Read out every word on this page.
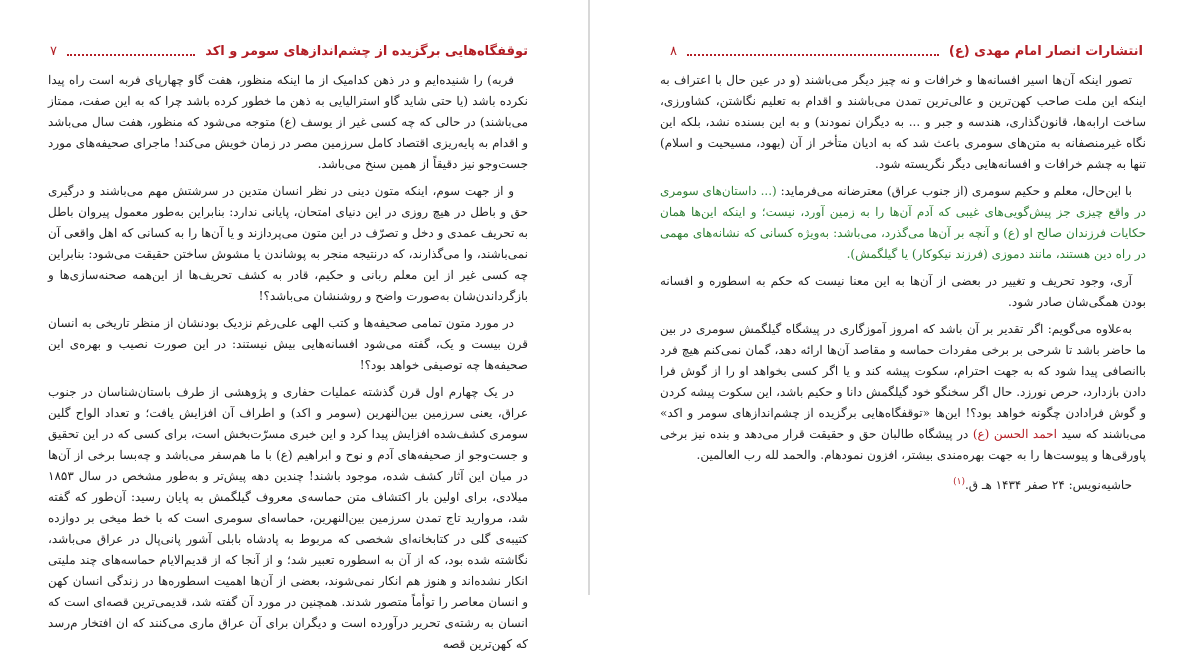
توقفگاه‌هایی برگزیده از چشم‌اندازهای سومر و اکد
۷

فربه) را شنیده‌ایم و در ذهن کدامیک از ما اینکه منظور، هفت گاو چهارپای فربه است راه پیدا نکرده باشد (یا حتی شاید گاو استرالیایی به ذهن ما خطور کرده باشد چرا که به این صفت، ممتاز می‌باشند) در حالی که چه کسی غیر از یوسف (ع) متوجه می‌شود که منظور، هفت سال می‌باشد و اقدام به پایه‌ریزی اقتصاد کامل سرزمین مصر در زمان خویش می‌کند! ماجرای صحیفه‌های مورد جست‌وجو نیز دقیقاً از همین سنخ می‌باشد.

و از جهت سوم، اینکه متون دینی در نظر انسان متدین در سرشتش مهم می‌باشند و درگیری حق و باطل در هیچ روزی در این دنیای امتحان، پایانی ندارد: بنابراین به‌طور معمول پیروان باطل به تحریف عمدی و دخل و تصرّف در این متون می‌پردازند و یا آن‌ها را به کسانی که اهل واقعی آن نمی‌باشند، وا می‌گذارند، که درنتیجه منجر به پوشاندن یا مشوش ساختن حقیقت می‌شود: بنابراین چه کسی غیر از این معلم ربانی و حکیم، قادر به کشف تحریف‌ها از این‌همه صحنه‌سازی‌ها و بازگرداندن‌شان به‌صورت واضح و روشنشان می‌باشد؟!

در مورد متون تمامی صحیفه‌ها و کتب الهی علی‌رغم نزدیک بودنشان از منظر تاریخی به انسان قرن بیست و یک، گفته می‌شود افسانه‌هایی بیش نیستند: در این صورت نصیب و بهره‌ی این صحیفه‌ها چه توصیفی خواهد بود؟!

در یک چهارم اول قرن گذشته عملیات حفاری و پژوهشی از طرف باستان‌شناسان در جنوب عراق، یعنی سرزمین بین‌النهرین (سومر و اکد) و اطراف آن افزایش یافت؛ و تعداد الواح گلین سومری کشف‌شده افزایش پیدا کرد و این خبری مسرّت‌بخش است، برای کسی که در این تحقیق و جست‌وجو از صحیفه‌های آدم و نوح و ابراهیم (ع) با ما هم‌سفر می‌باشد و چه‌بسا برخی از آن‌ها در میان این آثار کشف شده، موجود باشند! چندین دهه پیش‌تر و به‌طور مشخص در سال ۱۸۵۳ میلادی، برای اولین بار اکتشاف متن حماسه‌ی معروف گیلگمش به پایان رسید: آن‌طور که گفته شد، مروارید تاج تمدن سرزمین بین‌النهرین، حماسه‌ای سومری است که با خط میخی بر دوازده کتیبه‌ی گلی در کتابخانه‌ای شخصی که مربوط به پادشاه بابلی آشور پانی‌پال در عراق می‌باشد، نگاشته شده بود، که از آن به اسطوره تعبیر شد؛ و از آنجا که از قدیم‌الایام حماسه‌های چند ملیتی انکار نشده‌اند و هنوز هم انکار نمی‌شوند، بعضی از آن‌ها اهمیت اسطوره‌ها در زندگی انسان کهن و انسان معاصر را توأماً متصور شدند. همچنین در مورد آن گفته شد، قدیمی‌ترین قصه‌ای است که انسان به رشته‌ی تحریر درآورده است و دیگران برای آن عراق ماری می‌کنند که ان افتخار م‌رسد که کهن‌ترین قصه

انتشارات انصار امام مهدی (ع)
۸

تصور اینکه آن‌ها اسیر افسانه‌ها و خرافات و نه چیز دیگر می‌باشند (و در عین حال با اعتراف به اینکه این ملت صاحب کهن‌ترین و عالی‌ترین تمدن می‌باشند و اقدام به تعلیم نگاشتن، کشاورزی، ساخت ارابه‌ها، قانون‌گذاری، هندسه و جبر و ... به دیگران نمودند) و به این بسنده نشد، بلکه این نگاه غیرمنصفانه به متن‌های سومری باعث شد که به ادیان متأخر از آن (یهود، مسیحیت و اسلام) تنها به چشم خرافات و افسانه‌هایی دیگر نگریسته شود.

با این‌حال، معلم و حکیم سومری (از جنوب عراق) معترضانه می‌فرماید: (... داستان‌های سومری در واقع چیزی جز پیش‌گویی‌های غیبی که آدم آن‌ها را به زمین آورد، نیست؛ و اینکه این‌ها همان حکایات فرزندان صالح او (ع) و آنچه بر آن‌ها می‌گذرد، می‌باشد: به‌ویژه کسانی که نشانه‌های مهمی در راه دین هستند، مانند دموزی (فرزند نیکوکار) یا گیلگمش).

آری، وجود تحریف و تغییر در بعضی از آن‌ها به این معنا نیست که حکم به اسطوره و افسانه بودن همگی‌شان صادر شود.

به‌علاوه می‌گویم: اگر تقدیر بر آن باشد که امروز آموزگاری در پیشگاه گیلگمش سومری در بین ما حاضر باشد تا شرحی بر برخی مفردات حماسه و مقاصد آن‌ها ارائه دهد، گمان نمی‌کنم هیچ فرد باانصافی پیدا شود که به جهت احترام، سکوت پیشه کند و یا اگر کسی بخواهد او را از گوش فرا دادن بازدارد، حرص نورزد. حال اگر سخنگو خود گیلگمش دانا و حکیم باشد، این سکوت پیشه کردن و گوش فرادادن چگونه خواهد بود؟! این‌ها «توقفگاه‌هایی برگزیده از چشم‌اندازهای سومر و اکد» می‌باشند که سید احمد الحسن (ع) در پیشگاه طالبان حق و حقیقت قرار می‌دهد و بنده نیز برخی پاورقی‌ها و پیوست‌ها را به جهت بهره‌مندی بیشتر، افزون نمودهام. والحمد لله رب العالمین.

حاشیه‌نویس: ۲۴ صفر ۱۴۳۴ هـ ق.$^{(۱)}$
